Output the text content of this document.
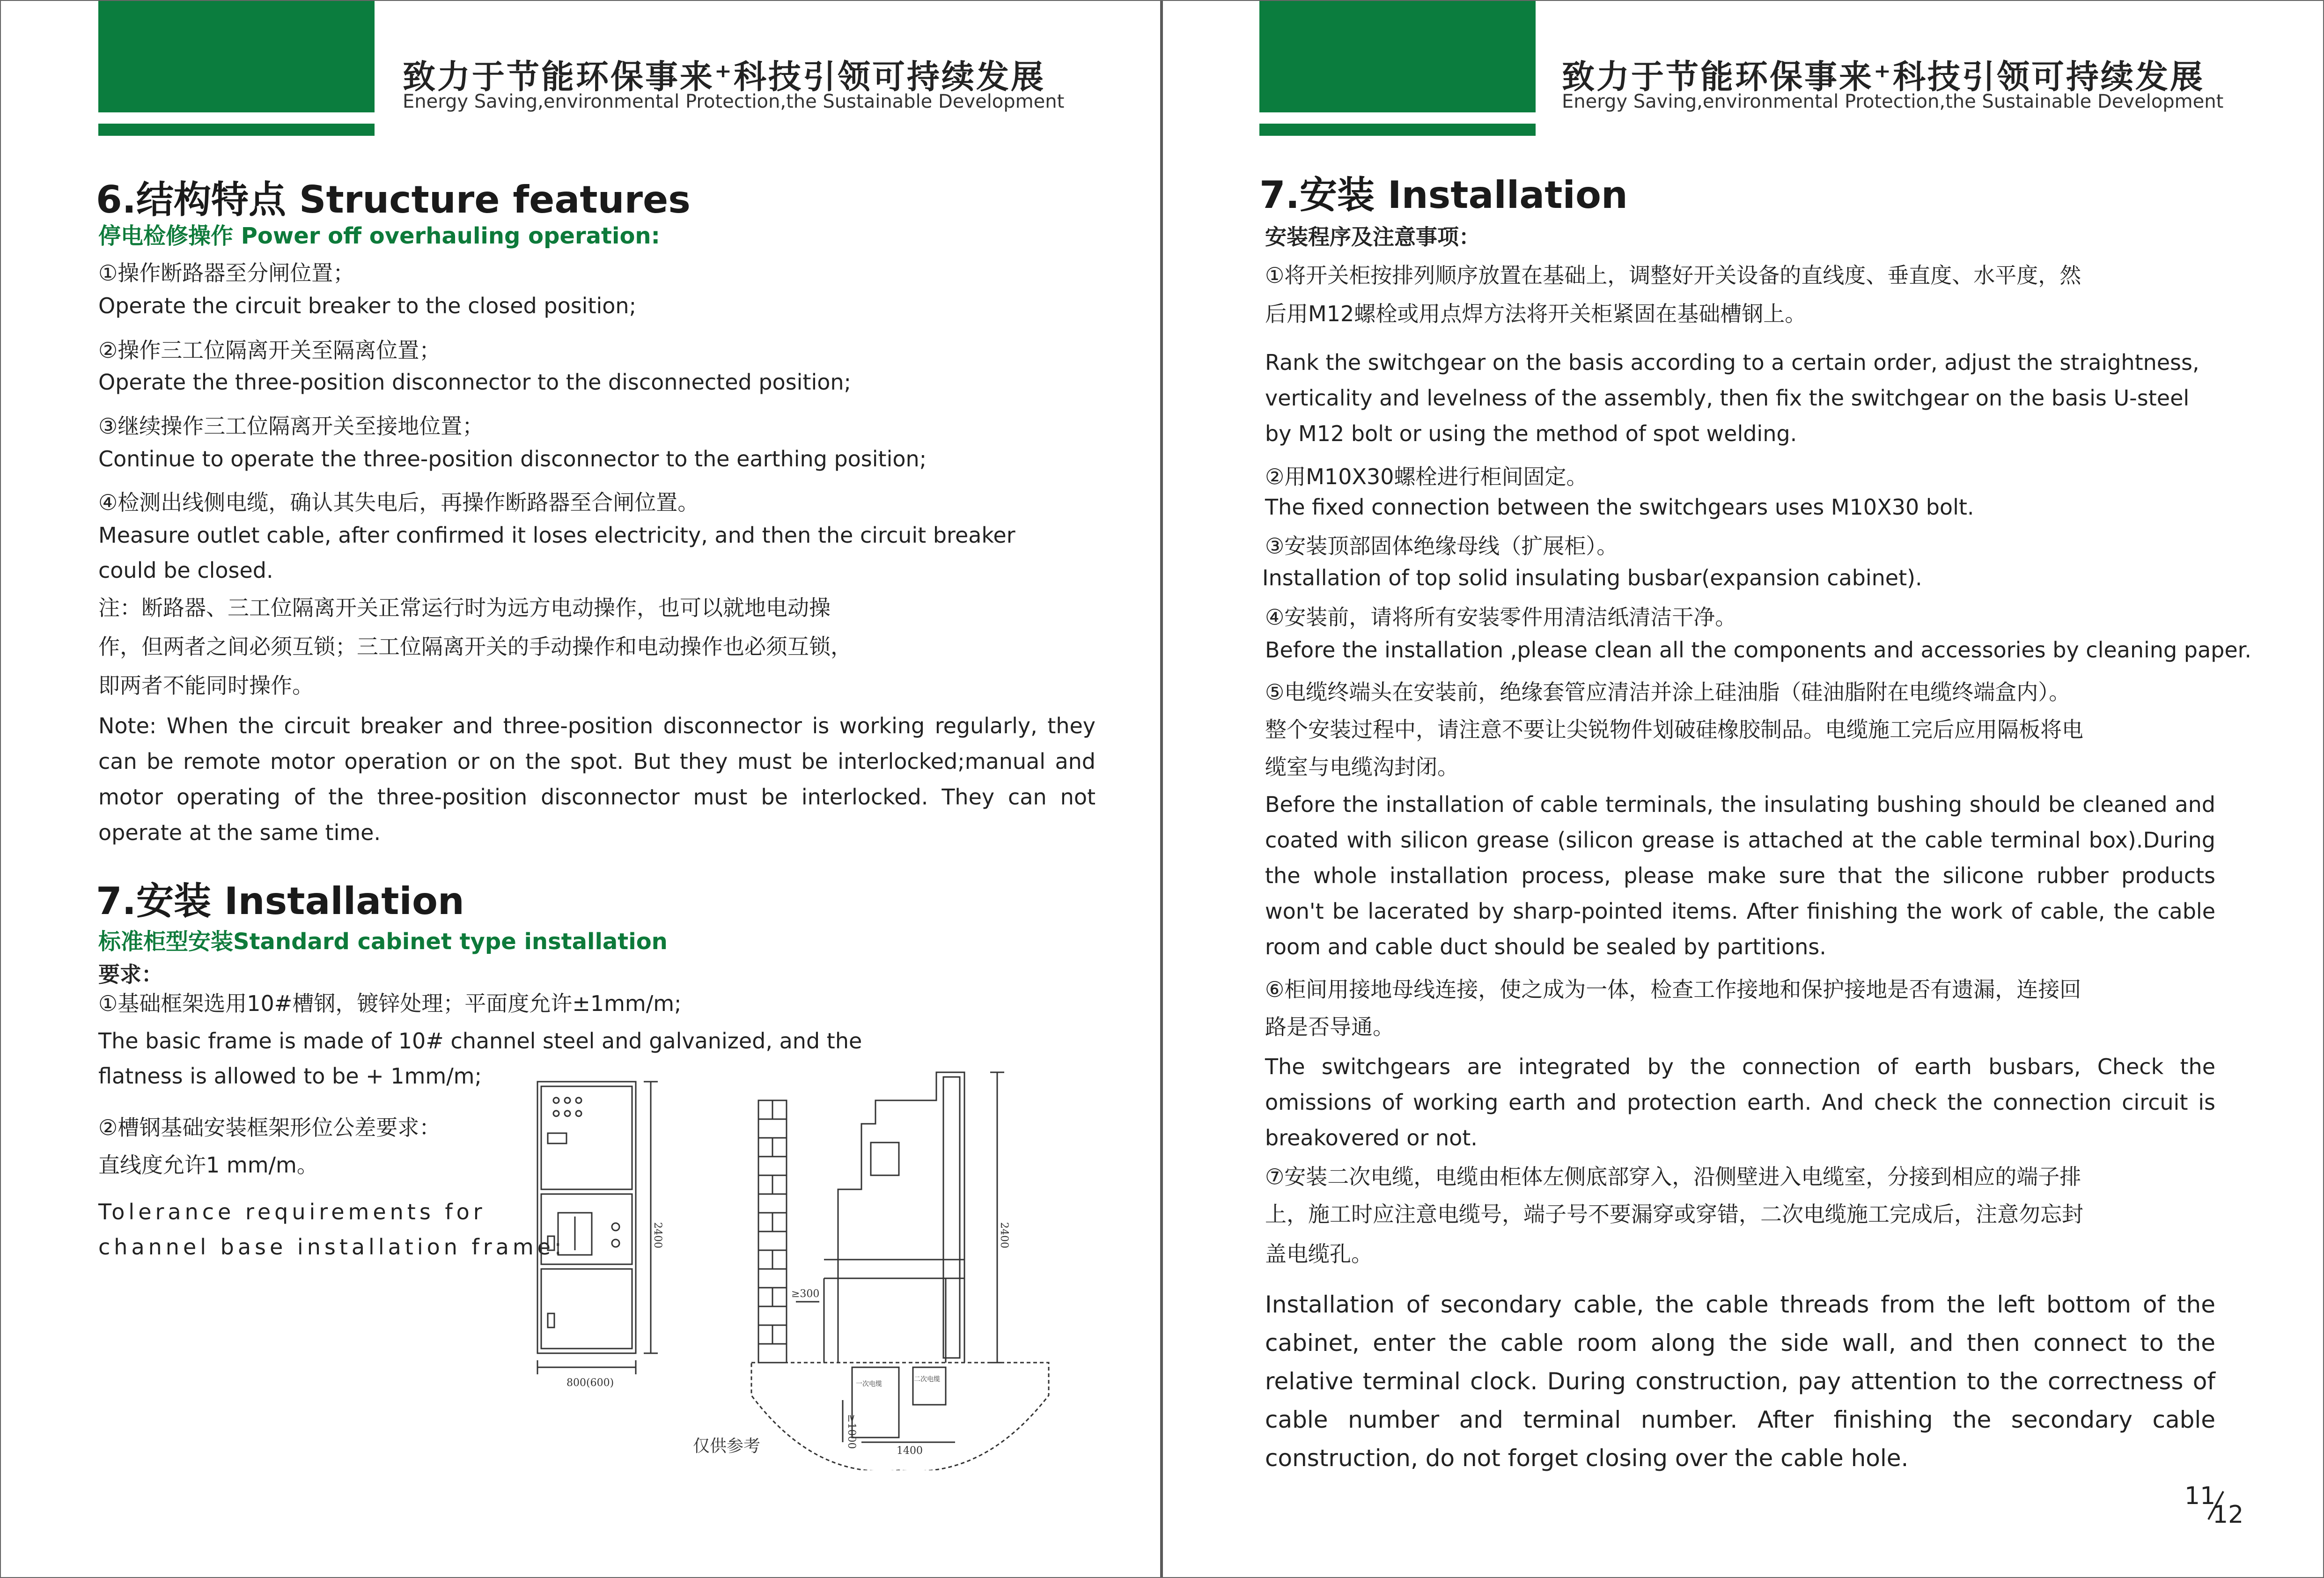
致力于节能环保事来⁺科技引领可持续发展
Energy Saving,environmental Protection,the Sustainable Development
6.结构特点 Structure features
停电检修操作 Power off overhauling operation:
①操作断路器至分闸位置；
Operate the circuit breaker to the closed position;
②操作三工位隔离开关至隔离位置；
Operate the three-position disconnector to the disconnected position;
③继续操作三工位隔离开关至接地位置；
Continue to operate the three-position disconnector to the earthing position;
④检测出线侧电缆，确认其失电后，再操作断路器至合闸位置。
Measure outlet cable, after confirmed it loses electricity, and then the circuit breaker
could be closed.
注：断路器、三工位隔离开关正常运行时为远方电动操作，也可以就地电动操
作，但两者之间必须互锁；三工位隔离开关的手动操作和电动操作也必须互锁，
即两者不能同时操作。
Note: When the circuit breaker and three-position disconnector is working regularly, they can be remote motor operation or on the spot. But they must be interlocked;manual and motor operating of the three-position disconnector must be interlocked. They can not operate at the same time.
7.安装 Installation
标准柜型安装Standard cabinet type installation
要求：
①基础框架选用10#槽钢，镀锌处理；平面度允许±1mm/m;
The basic frame is made of 10# channel steel and galvanized, and the
flatness is allowed to be + 1mm/m;
②槽钢基础安装框架形位公差要求：
直线度允许1 mm/m。
Tolerance requirements for
channel base installation frame:	2400
800(600)
2400
≥300
≥1000
1400
一次电缆
二次电缆
仅供参考
致力于节能环保事来⁺科技引领可持续发展
Energy Saving,environmental Protection,the Sustainable Development
7.安装 Installation
安装程序及注意事项：
①将开关柜按排列顺序放置在基础上，调整好开关设备的直线度、垂直度、水平度，然
后用M12螺栓或用点焊方法将开关柜紧固在基础槽钢上。
Rank the switchgear on the basis according to a certain order, adjust the straightness,
verticality and levelness of the assembly, then fix the switchgear on the basis U-steel
by M12 bolt or using the method of spot welding.
②用M10X30螺栓进行柜间固定。
The fixed connection between the switchgears uses M10X30 bolt.
③安装顶部固体绝缘母线（扩展柜）。
Installation of top solid insulating busbar(expansion cabinet).
④安装前，请将所有安装零件用清洁纸清洁干净。
Before the installation ,please clean all the components and accessories by cleaning paper.
⑤电缆终端头在安装前，绝缘套管应清洁并涂上硅油脂（硅油脂附在电缆终端盒内）。
整个安装过程中，请注意不要让尖锐物件划破硅橡胶制品。电缆施工完后应用隔板将电
缆室与电缆沟封闭。
Before the installation of cable terminals, the insulating bushing should be cleaned and coated with silicon grease (silicon grease is attached at the cable terminal box).During the whole installation process, please make sure that the silicone rubber products won't be lacerated by sharp-pointed items. After finishing the work of cable, the cable room and cable duct should be sealed by partitions.
⑥柜间用接地母线连接，使之成为一体，检查工作接地和保护接地是否有遗漏，连接回
路是否导通。
The switchgears are integrated by the connection of earth busbars, Check the omissions of working earth and protection earth. And check the connection circuit is breakovered or not.
⑦安装二次电缆，电缆由柜体左侧底部穿入，沿侧壁进入电缆室，分接到相应的端子排
上，施工时应注意电缆号，端子号不要漏穿或穿错，二次电缆施工完成后，注意勿忘封
盖电缆孔。
Installation of secondary cable, the cable threads from the left bottom of the cabinet, enter the cable room along the side wall, and then connect to the relative terminal clock. During construction, pay attention to the correctness of cable number and terminal number. After finishing the secondary cable construction, do not forget closing over the cable hole.
11
12
